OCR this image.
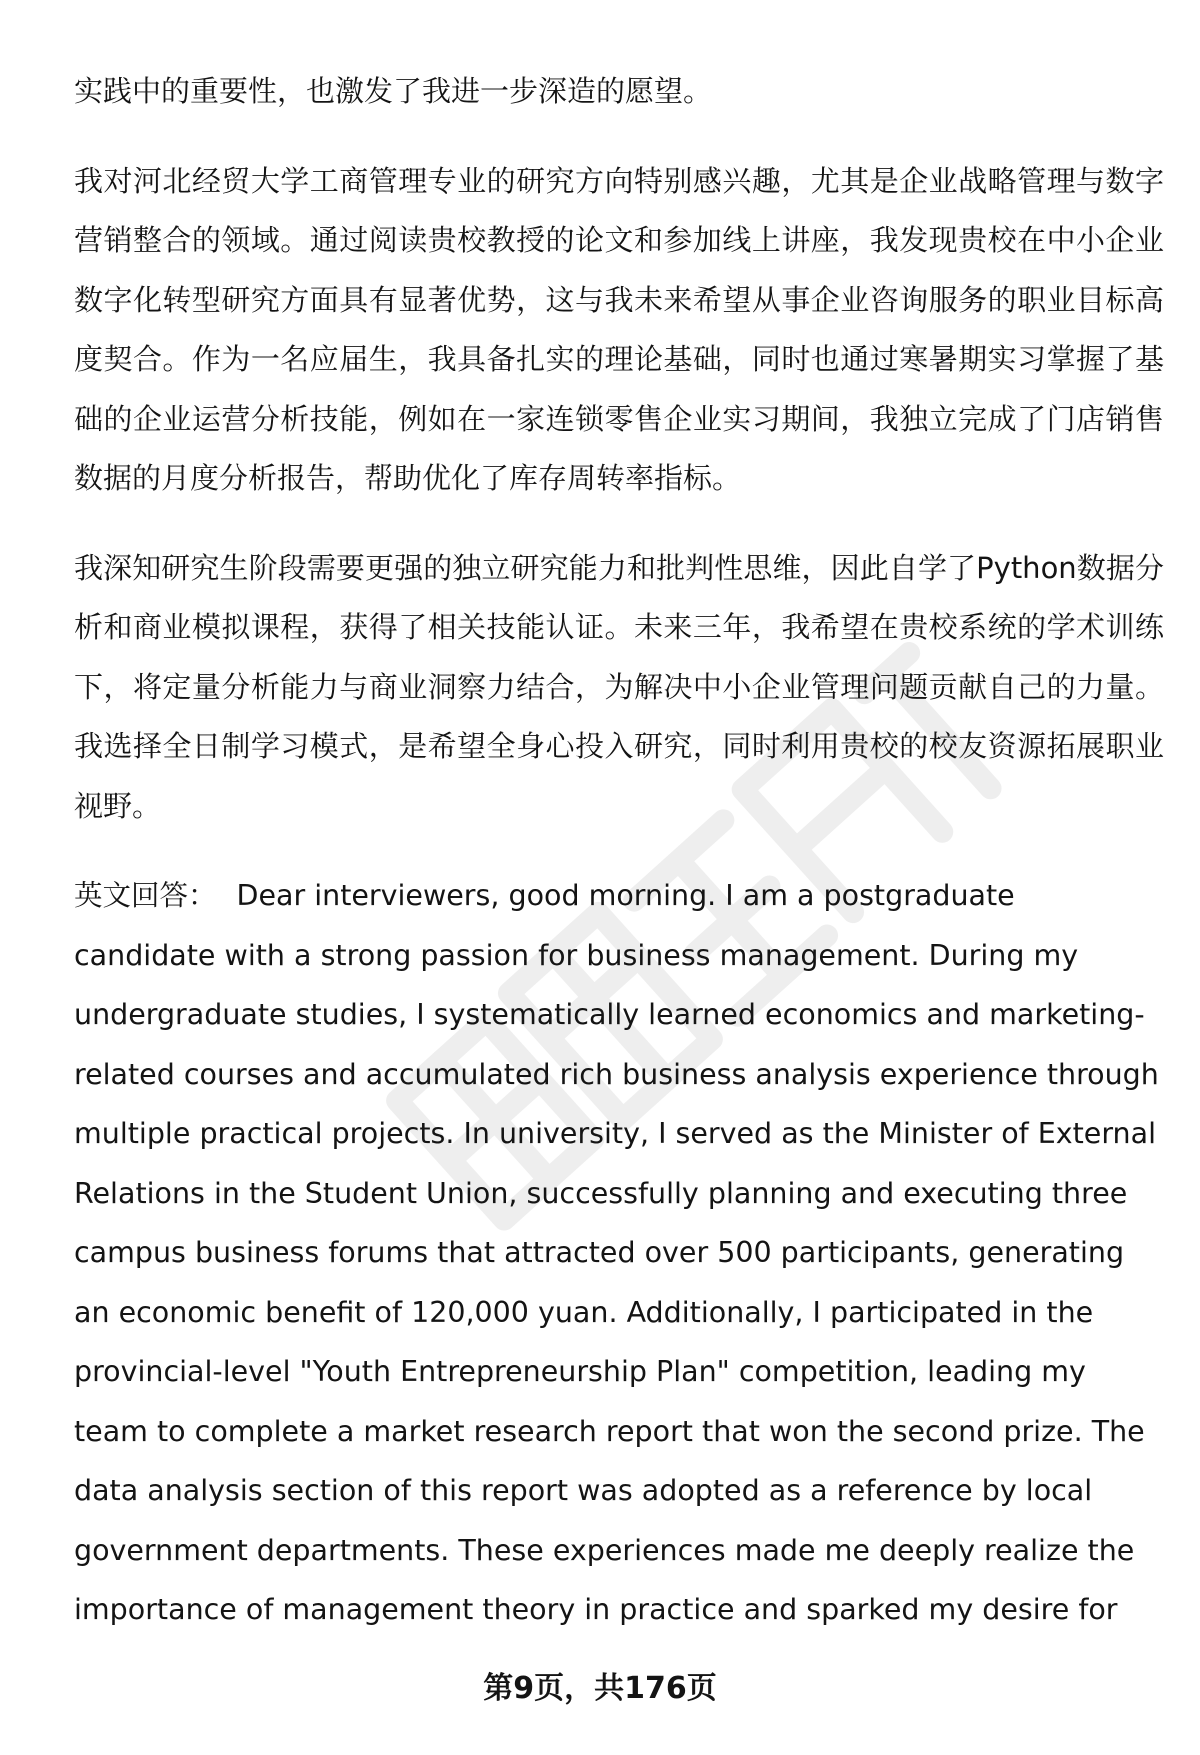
实践中的重要性，也激发了我进一步深造的愿望。

我对河北经贸大学工商管理专业的研究方向特别感兴趣，尤其是企业战略管理与数字营销整合的领域。通过阅读贵校教授的论文和参加线上讲座，我发现贵校在中小企业数字化转型研究方面具有显著优势，这与我未来希望从事企业咨询服务的职业目标高度契合。作为一名应届生，我具备扎实的理论基础，同时也通过寒暑期实习掌握了基础的企业运营分析技能，例如在一家连锁零售企业实习期间，我独立完成了门店销售数据的月度分析报告，帮助优化了库存周转率指标。

我深知研究生阶段需要更强的独立研究能力和批判性思维，因此自学了Python数据分析和商业模拟课程，获得了相关技能认证。未来三年，我希望在贵校系统的学术训练下，将定量分析能力与商业洞察力结合，为解决中小企业管理问题贡献自己的力量。我选择全日制学习模式，是希望全身心投入研究，同时利用贵校的校友资源拓展职业视野。

英文回答： Dear interviewers, good morning. I am a postgraduate candidate with a strong passion for business management. During my undergraduate studies, I systematically learned economics and marketing-related courses and accumulated rich business analysis experience through multiple practical projects. In university, I served as the Minister of External Relations in the Student Union, successfully planning and executing three campus business forums that attracted over 500 participants, generating an economic benefit of 120,000 yuan. Additionally, I participated in the provincial-level "Youth Entrepreneurship Plan" competition, leading my team to complete a market research report that won the second prize. The data analysis section of this report was adopted as a reference by local government departments. These experiences made me deeply realize the importance of management theory in practice and sparked my desire for

第9页，共176页
